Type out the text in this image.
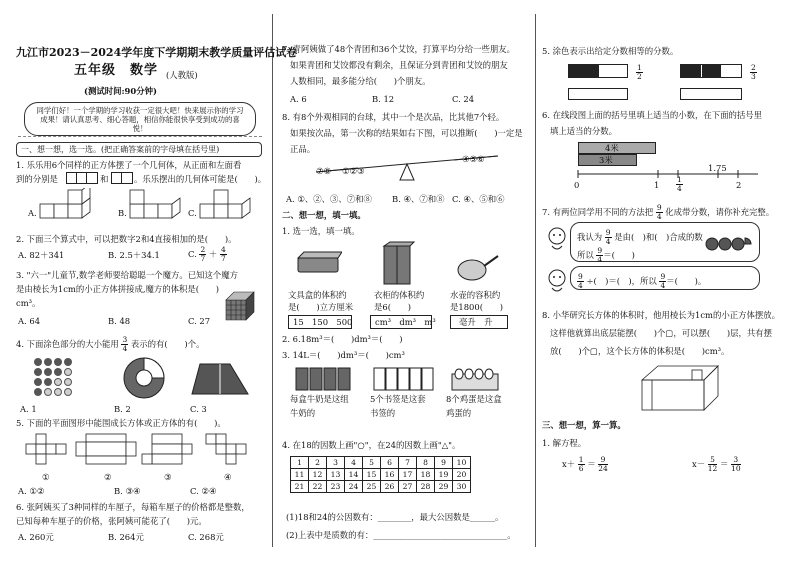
九江市2023－2024学年度下学期期末教学质量评估试卷
五年级　数学 (人教版)
(测试时间:90分钟)
同学们好！一个学期的学习收获一定很大吧！快来展示你的学习成果！请认真思考、细心答题，相信你能很快享受到成功的喜悦！
一、想一想，选一选。(把正确答案前的字母填在括号里)
1. 乐乐用6个同样的正方体摆了一个几何体，从正面和左面看
到的分别是	和	。乐乐摆出的几何体可能是(　　)。
A.	B.	C.
2. 下面三个算式中，可以把数字2和4直接相加的是(　　)。
A. 82＋341	B. 2.5＋34.1	C. $\frac{2}{7} + \frac{4}{7}$
3. "六一"儿童节,数学老师要给聪聪一个魔方。已知这个魔方
是由棱长为1cm的小正方体拼接成,魔方的体积是(　　)
cm³。
A. 64	B. 48	C. 27
4. 下面涂色部分的大小能用 $\frac{3}{4}$ 表示的有(　　)个。
A. 1	B. 2	C. 3
5. 下面的平面图形中能围成长方体或正方体的有(　　)。
①	②	③	④
A. ①②	B. ③④	C. ②④
6. 张阿姨买了3种同样的车厘子，每箱车厘子的价格都是整数，
已知每种车厘子的价格，张阿姨可能花了(　　)元。
A. 260元	B. 264元	C. 268元
7. 青阿姨做了48个青团和36个艾饺，打算平均分给一些朋友。
如果青团和艾饺都没有剩余，且保证分到青团和艾饺的朋友
人数相同，最多能分给(　　)个朋友。
A. 6	B. 12	C. 24
8. 有8个外观相同的台球，其中一个是次品，比其他7个轻。
如果按次品，第一次称的结果如右下图，可以推断(　　)一定是
正品。
⑦⑧ ①②③
④⑤⑥
A. ①、②、③、⑦和⑧ B. ④、⑦和⑧ C. ④、⑤和⑥
二、想一想，填一填。
1. 选一选，填一填。
文具盒的体积约	衣柜的体积约	水壶的容积约
是(　　)立方厘米 是6(　　)	是1800(　　)
15　150　500	cm³　dm³　m³	毫升　升
2. 6.18m³＝(　　)dm³＝(　　)
3. 14L＝(　　)dm³＝(　　)cm³
每盒牛奶是这组	5个书签是这套 8个鸡蛋是这盒
牛奶的	书签的	鸡蛋的
4. 在18的因数上画"○"，在24的因数上画"△"。
1	2	3	4	5	6	7	8	9	10
11	12	13	14	15	16	17	18	19	20
21	22	23	24	25	26	27	28	29	30
(1)18和24的公因数有：________，最大公因数是______。
(2)上表中是质数的有：________________________________。
5. 涂色表示出给定分数相等的分数。
$\frac{1}{2}$	$\frac{2}{3}$
6. 在线段图上面的括号里填上适当的小数，在下面的括号里
填上适当的分数。
4米
3米
0	1
1.75
2
$\frac{1}{4}$
7. 有两位同学用不同的方法把 $\frac{9}{4}$ 化成带分数，请你补充完整。
我认为 $\frac{9}{4}$ 是由(　)和(　)合成的数
所以 $\frac{9}{4}$ ＝(　　)
$\frac{9}{4}$ ÷(　)＝(　)，所以 $\frac{9}{4}$ ＝(　　)。
8. 小华研究长方体的体积时，他用棱长为1cm的小正方体摆放。
这样他就算出底层能摆(　　)个▢，可以摆(　　)层，共有摆
放(　　)个▢，这个长方体的体积是(　　)cm³。
三、想一想，算一算。
1. 解方程。
$x+ \frac{1}{6} = \frac{9}{24}$	$x- \frac{5}{12} = \frac{3}{10}$
